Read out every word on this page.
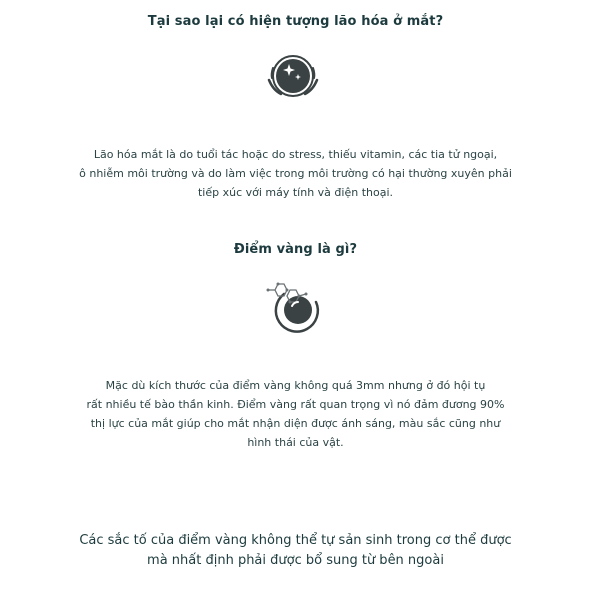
Tại sao lại có hiện tượng lão hóa ở mắt?
Lão hóa mắt là do tuổi tác hoặc do stress, thiếu vitamin, các tia tử ngoại,
ô nhiễm môi trường và do làm việc trong môi trường có hại thường xuyên phải
tiếp xúc với máy tính và điện thoại.
Điểm vàng là gì?
Mặc dù kích thước của điểm vàng không quá 3mm nhưng ở đó hội tụ
rất nhiều tế bào thần kinh. Điểm vàng rất quan trọng vì nó đảm đương 90%
thị lực của mắt giúp cho mắt nhận diện được ánh sáng, màu sắc cũng như
hình thái của vật.
Các sắc tố của điểm vàng không thể tự sản sinh trong cơ thể được
mà nhất định phải được bổ sung từ bên ngoài
